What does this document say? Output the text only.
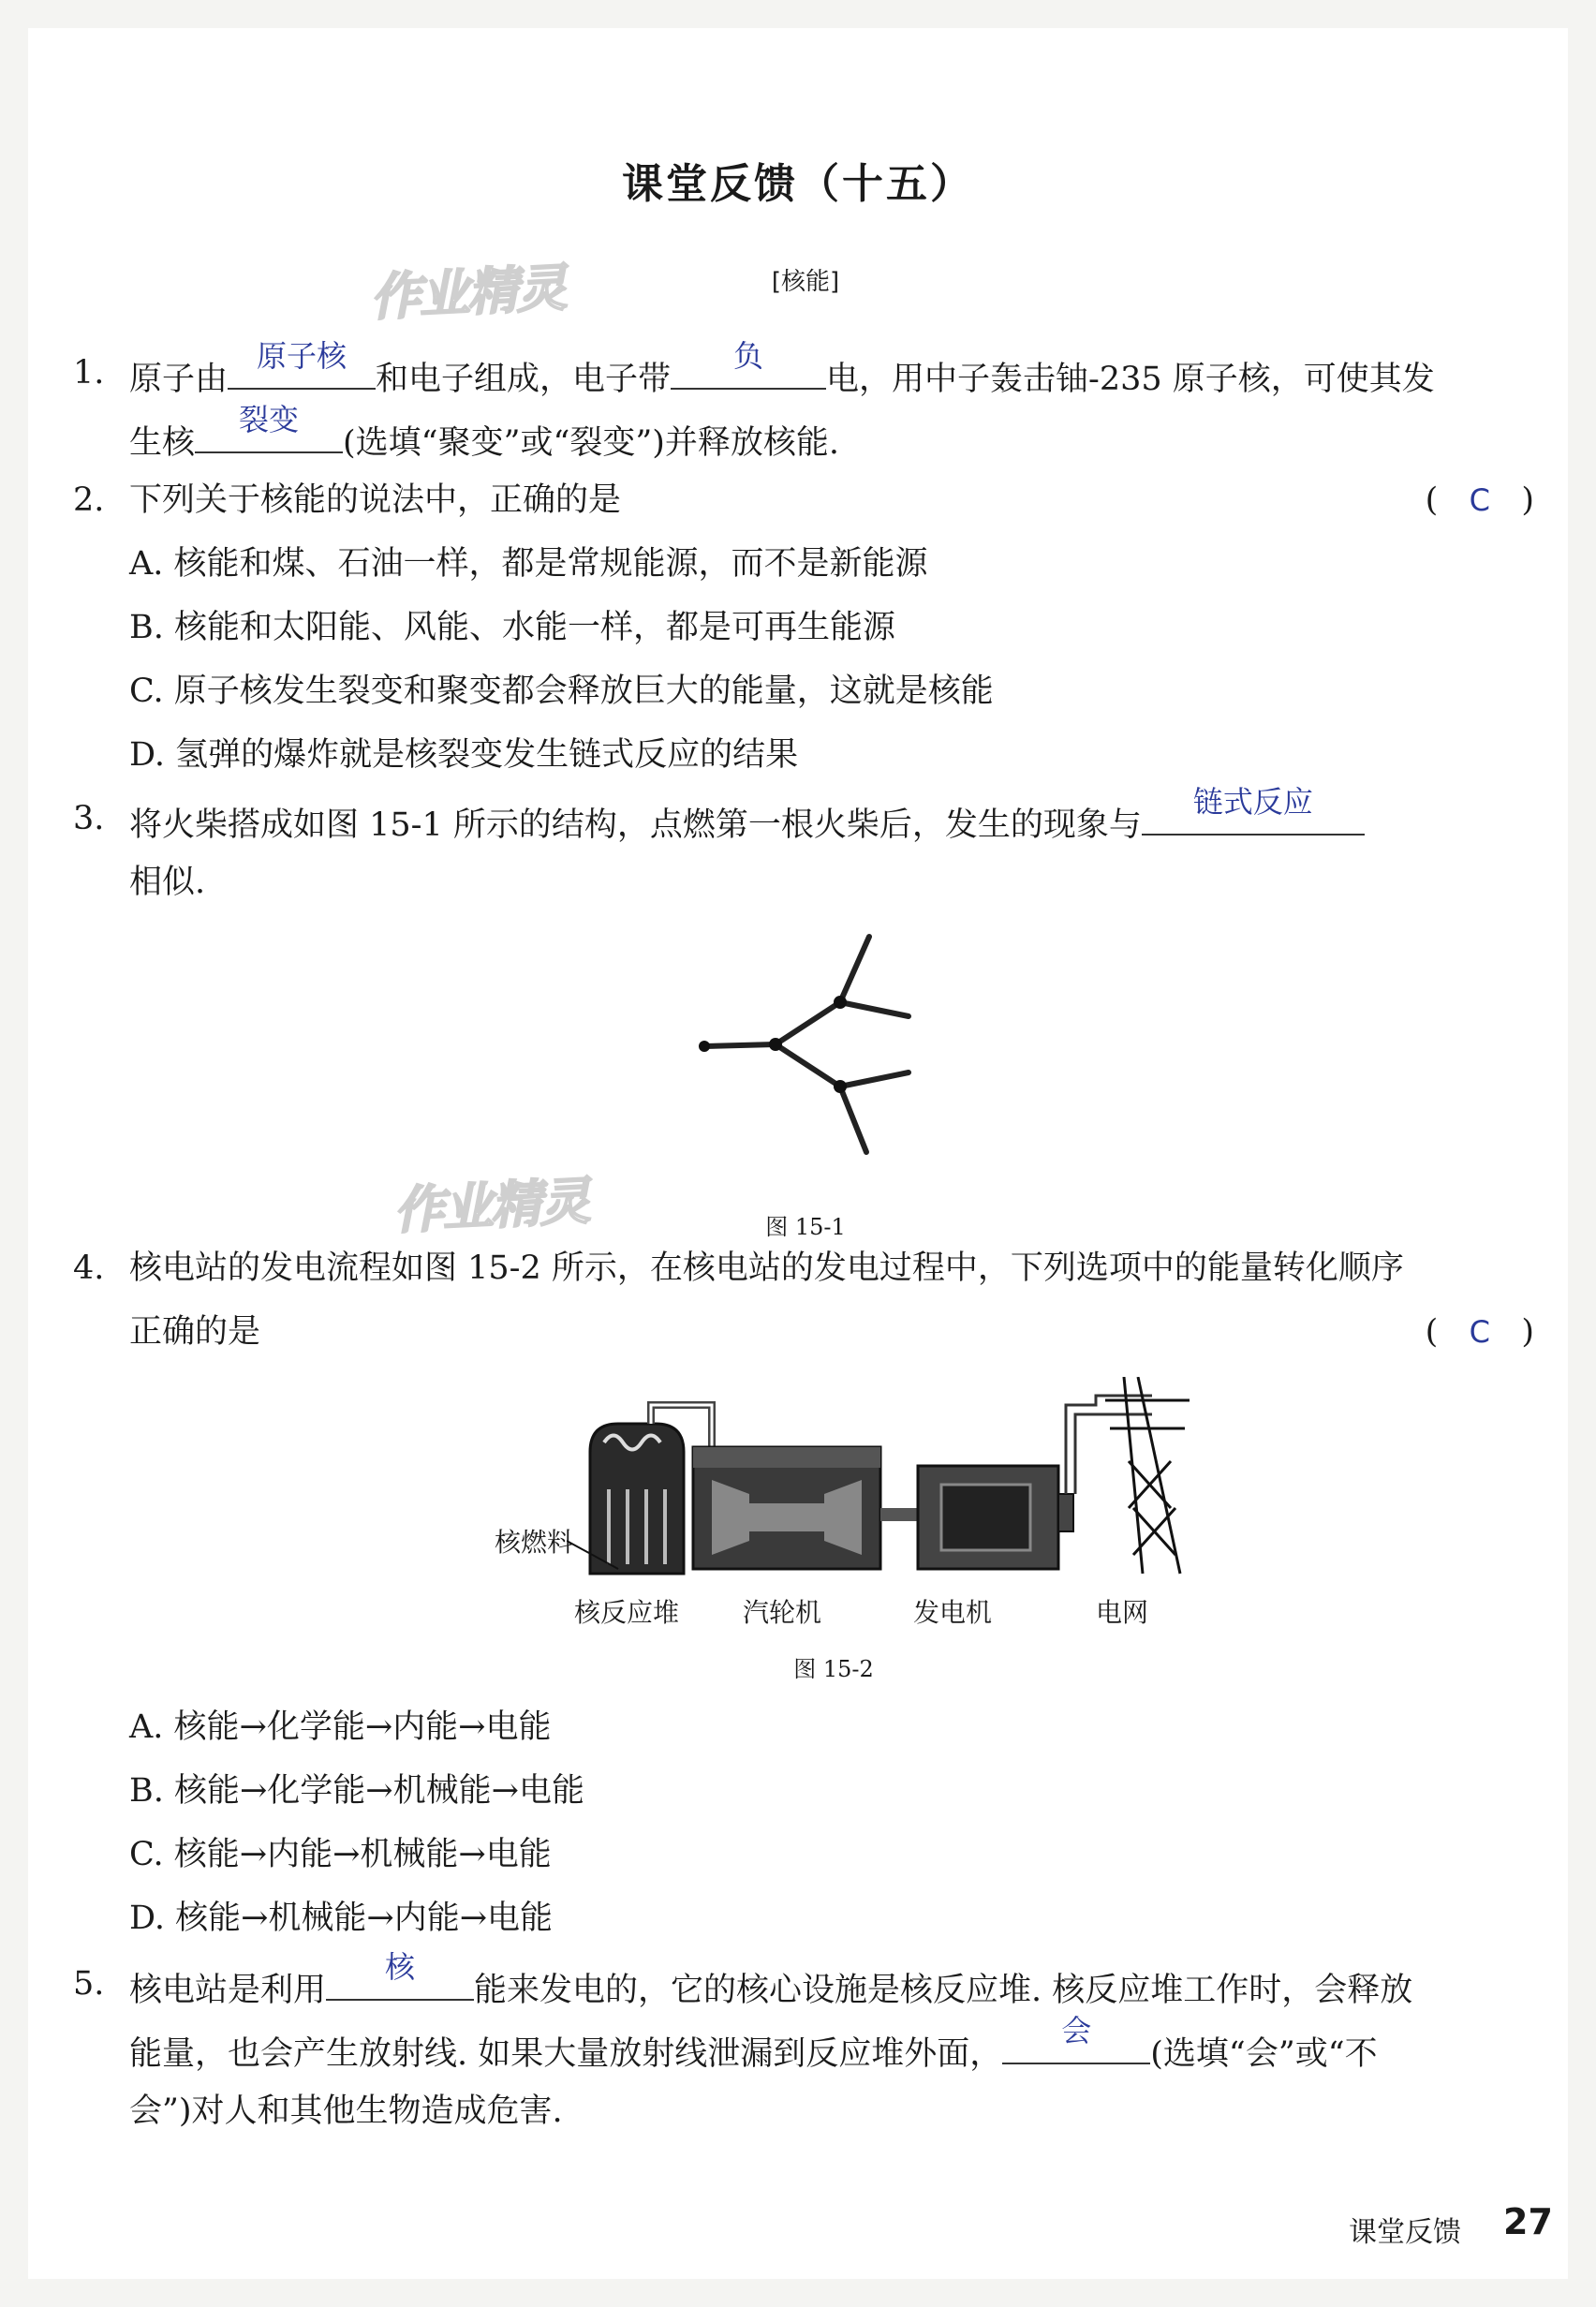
课堂反馈（十五）
[核能]
作业精灵
作业精灵
1. 原子由
原子核
和电子组成，电子带
负
电，用中子轰击铀-235 原子核，可使其发
生核
裂变
(选填“聚变”或“裂变”)并释放核能.
2. 下列关于核能的说法中，正确的是	(   C   )
A. 核能和煤、石油一样，都是常规能源，而不是新能源
B. 核能和太阳能、风能、水能一样，都是可再生能源
C. 原子核发生裂变和聚变都会释放巨大的能量，这就是核能
D. 氢弹的爆炸就是核裂变发生链式反应的结果
3. 将火柴搭成如图 15-1 所示的结构，点燃第一根火柴后，发生的现象与
链式反应
相似.
图 15-1
4. 核电站的发电流程如图 15-2 所示，在核电站的发电过程中，下列选项中的能量转化顺序
正确的是	(   C   )
核燃料
核反应堆 汽轮机	发电机	电网
图 15-2
A. 核能→化学能→内能→电能
B. 核能→化学能→机械能→电能
C. 核能→内能→机械能→电能
D. 核能→机械能→内能→电能
5. 核电站是利用
核
能来发电的，它的核心设施是核反应堆. 核反应堆工作时，会释放
能量，也会产生放射线. 如果大量放射线泄漏到反应堆外面，
会
(选填“会”或“不
会”)对人和其他生物造成危害.
课堂反馈 27
